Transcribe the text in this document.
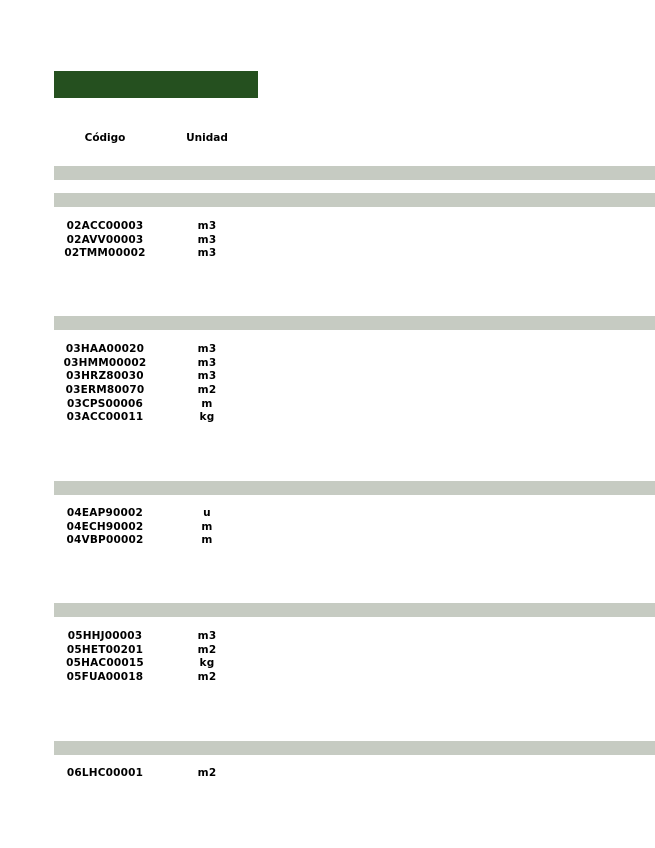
Código	Unidad
02ACC00003	m3
02AVV00003	m3
02TMM00002	m3
03HAA00020	m3
03HMM00002	m3
03HRZ80030	m3
03ERM80070	m2
03CPS00006	m
03ACC00011	kg
04EAP90002	u
04ECH90002	m
04VBP00002	m
05HHJ00003	m3
05HET00201	m2
05HAC00015	kg
05FUA00018	m2
06LHC00001	m2
